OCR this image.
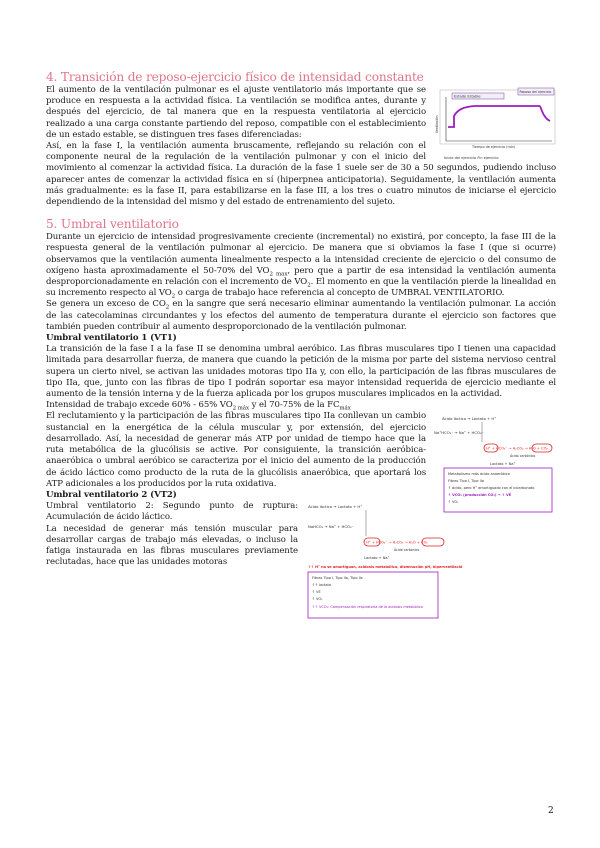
4. Transición de reposo-ejercicio físico de intensidad constante
Estado Estable
Reposo del ejercicio
Ventilación
Tiempo de ejercicio (min)
Inicio del ejercicio Fin ejercicio

El aumento de la ventilación pulmonar es el ajuste ventilatorio más importante que se produce en respuesta a la actividad física. La ventilación se modifica antes, durante y después del ejercicio, de tal manera que en la respuesta ventilatoria al ejercicio realizado a una carga constante partiendo del reposo, compatible con el establecimiento de un estado estable, se distinguen tres fases diferenciadas:

Así, en la fase I, la ventilación aumenta bruscamente, reflejando su relación con el componente neural de la regulación de la ventilación pulmonar y con el inicio del movimiento al comenzar la actividad física. La duración de la fase 1 suele ser de 30 a 50 segundos, pudiendo incluso aparecer antes de comenzar la actividad física en sí (hiperpnea anticipatoria). Seguidamente, la ventilación aumenta más gradualmente: es la fase II, para estabilizarse en la fase III, a los tres o cuatro minutos de iniciarse el ejercicio dependiendo de la intensidad del mismo y del estado de entrenamiento del sujeto.

5. Umbral ventilatorio

Durante un ejercicio de intensidad progresivamente creciente (incremental) no existirá, por concepto, la fase III de la respuesta general de la ventilación pulmonar al ejercicio. De manera que si obviamos la fase I (que si ocurre) observamos que la ventilación aumenta linealmente respecto a la intensidad creciente de ejercicio o del consumo de oxígeno hasta aproximadamente el 50-70% del $VO_{2 max}$, pero que a partir de esa intensidad la ventilación aumenta desproporcionadamente en relación con el incremento de $VO_2$. El momento en que la ventilación pierde la linealidad en su incremento respecto al $VO_2$ o carga de trabajo hace referencia al concepto de UMBRAL VENTILATORIO.

Se genera un exceso de $CO_2$ en la sangre que será necesario eliminar aumentando la ventilación pulmonar. La acción de las catecolaminas circundantes y los efectos del aumento de temperatura durante el ejercicio son factores que también pueden contribuir al aumento desproporcionado de la ventilación pulmonar.

Umbral ventilatorio 1 (VT1)

La transición de la fase I a la fase II se denomina umbral aeróbico. Las fibras musculares tipo I tienen una capacidad limitada para desarrollar fuerza, de manera que cuando la petición de la misma por parte del sistema nervioso central supera un cierto nivel, se activan las unidades motoras tipo IIa y, con ello, la participación de las fibras musculares de tipo IIa, que, junto con las fibras de tipo I podrán soportar esa mayor intensidad requerida de ejercicio mediante el aumento de la tensión interna y de la fuerza aplicada por los grupos musculares implicados en la actividad.

Intensidad de trabajo excede 60% - 65% $VO_{2 máx}$ y el 70-75% de la $FC_{máx}$

Ácido láctico → Lactato + H⁺
Na⁺HCO₃⁻ → Na⁺ + HCO₃⁻
H⁺ + HCO₃⁻ → H₂CO₃ → H₂O + CO₂
Ácido carbónico
Lactato + Na⁺
Metabolismo más ácido anaeróbico
Fibras Tipo I, Tipo IIa
↑ ácido, pero H⁺ amortiguado con el bicarbonato
↑ VCO₂ (producción CO₂) → ↑ VE
↑ VO₂

El reclutamiento y la participación de las fibras musculares tipo IIa conllevan un cambio sustancial en la energética de la célula muscular y, por extensión, del ejercicio desarrollado. Así, la necesidad de generar más ATP por unidad de tiempo hace que la ruta metabólica de la glucólisis se active. Por consiguiente, la transición aeróbica-anaeróbica o umbral aeróbico se caracteriza por el inicio del aumento de la producción de ácido láctico como producto de la ruta de la glucólisis anaeróbica, que aportará los ATP adicionales a los producidos por la ruta oxidativa.

Umbral ventilatorio 2 (VT2)

Ácido láctico → Lactato + H⁺
NaHCO₃ → Na⁺ + HCO₃⁻
H⁺ + HCO₃⁻ → H₂CO₃ → H₂O + CO₂
Ácido carbónico
Lactato + Na⁺
↑↑ H⁺ no se amortiguan, acidosis metabólica, disminución pH, hiperventilación
Fibras Tipo I, Tipo IIa, Tipo IIx
↑↑ lactato
↑ VE
↑ VO₂
↑↑ VCO₂: Compensación respiratoria de la acidosis metabólica

Umbral ventilatorio 2: Segundo punto de ruptura: Acumulación de ácido láctico.

La necesidad de generar más tensión muscular para desarrollar cargas de trabajo más elevadas, o incluso la fatiga instaurada en las fibras musculares previamente reclutadas, hace que las unidades motoras

2
